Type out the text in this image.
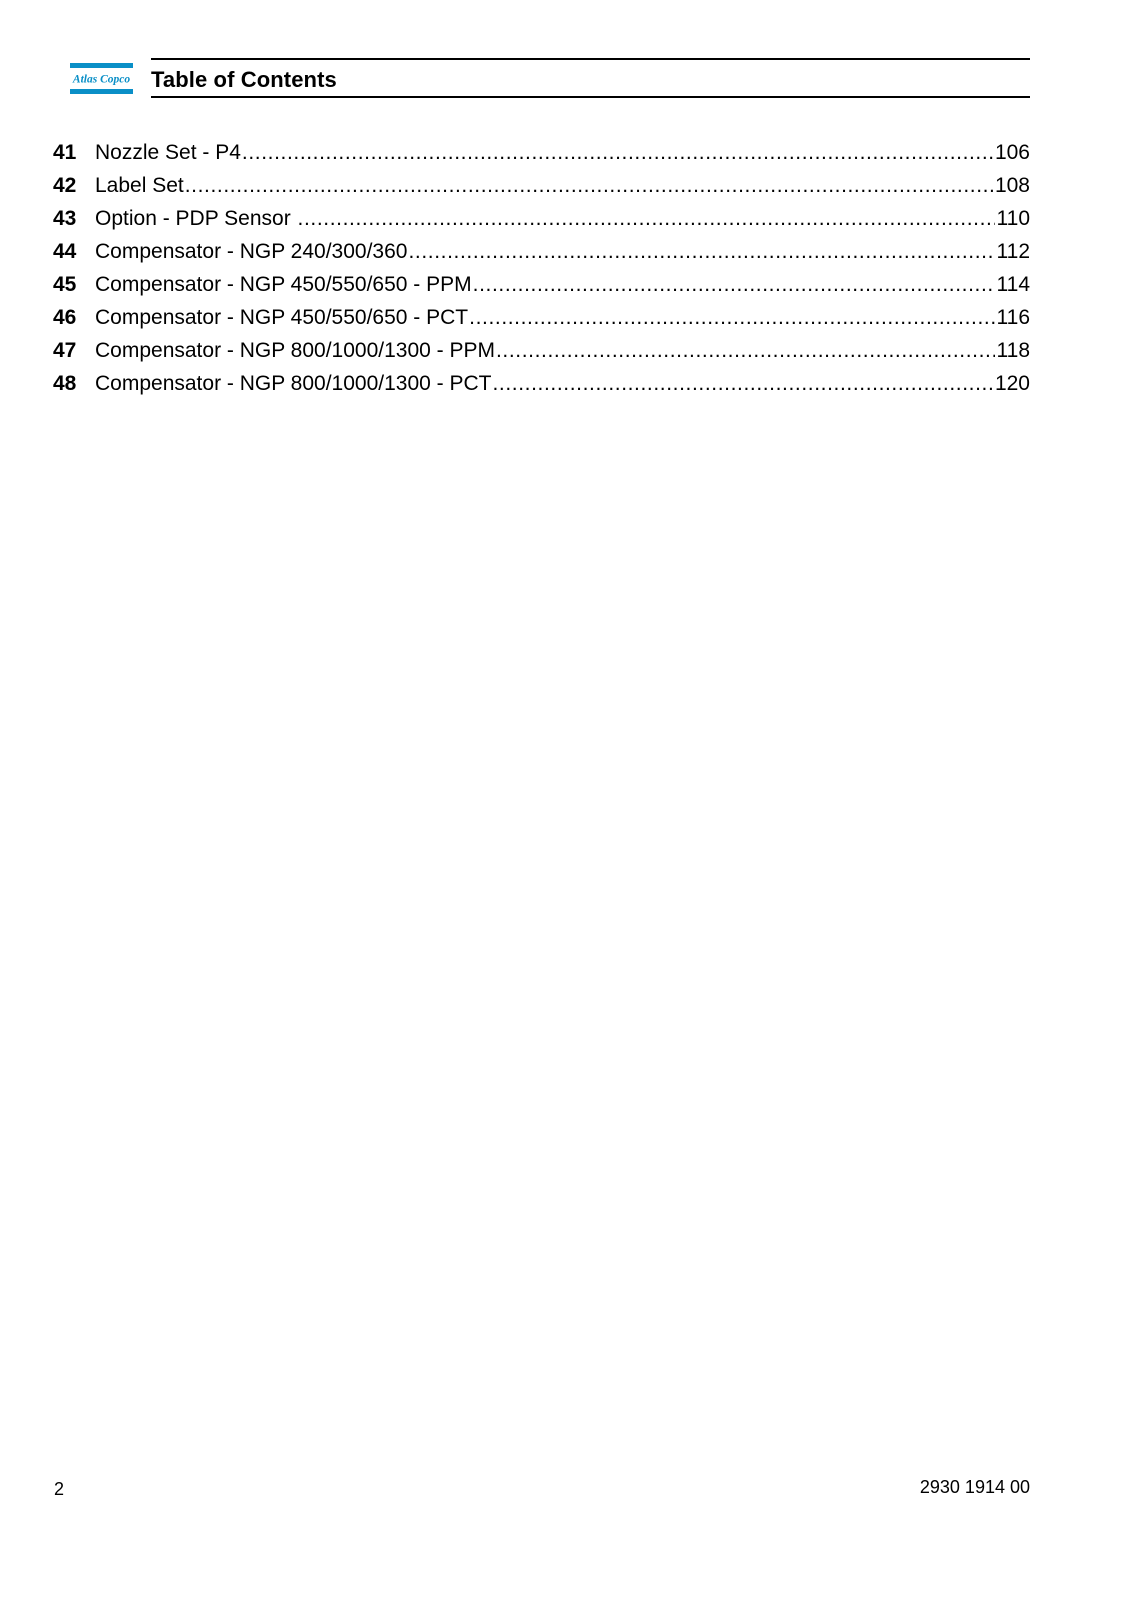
Atlas Copco Table of Contents
41 Nozzle Set - P4 .....	106
42 Label Set .....	108
43 Option - PDP Sensor .....	110
44 Compensator - NGP 240/300/360 .....	112
45 Compensator - NGP 450/550/650 - PPM .....	114
46 Compensator - NGP 450/550/650 - PCT .....	116
47 Compensator - NGP 800/1000/1300 - PPM .....	118
48 Compensator - NGP 800/1000/1300 - PCT .....	120
2	2930 1914 00
